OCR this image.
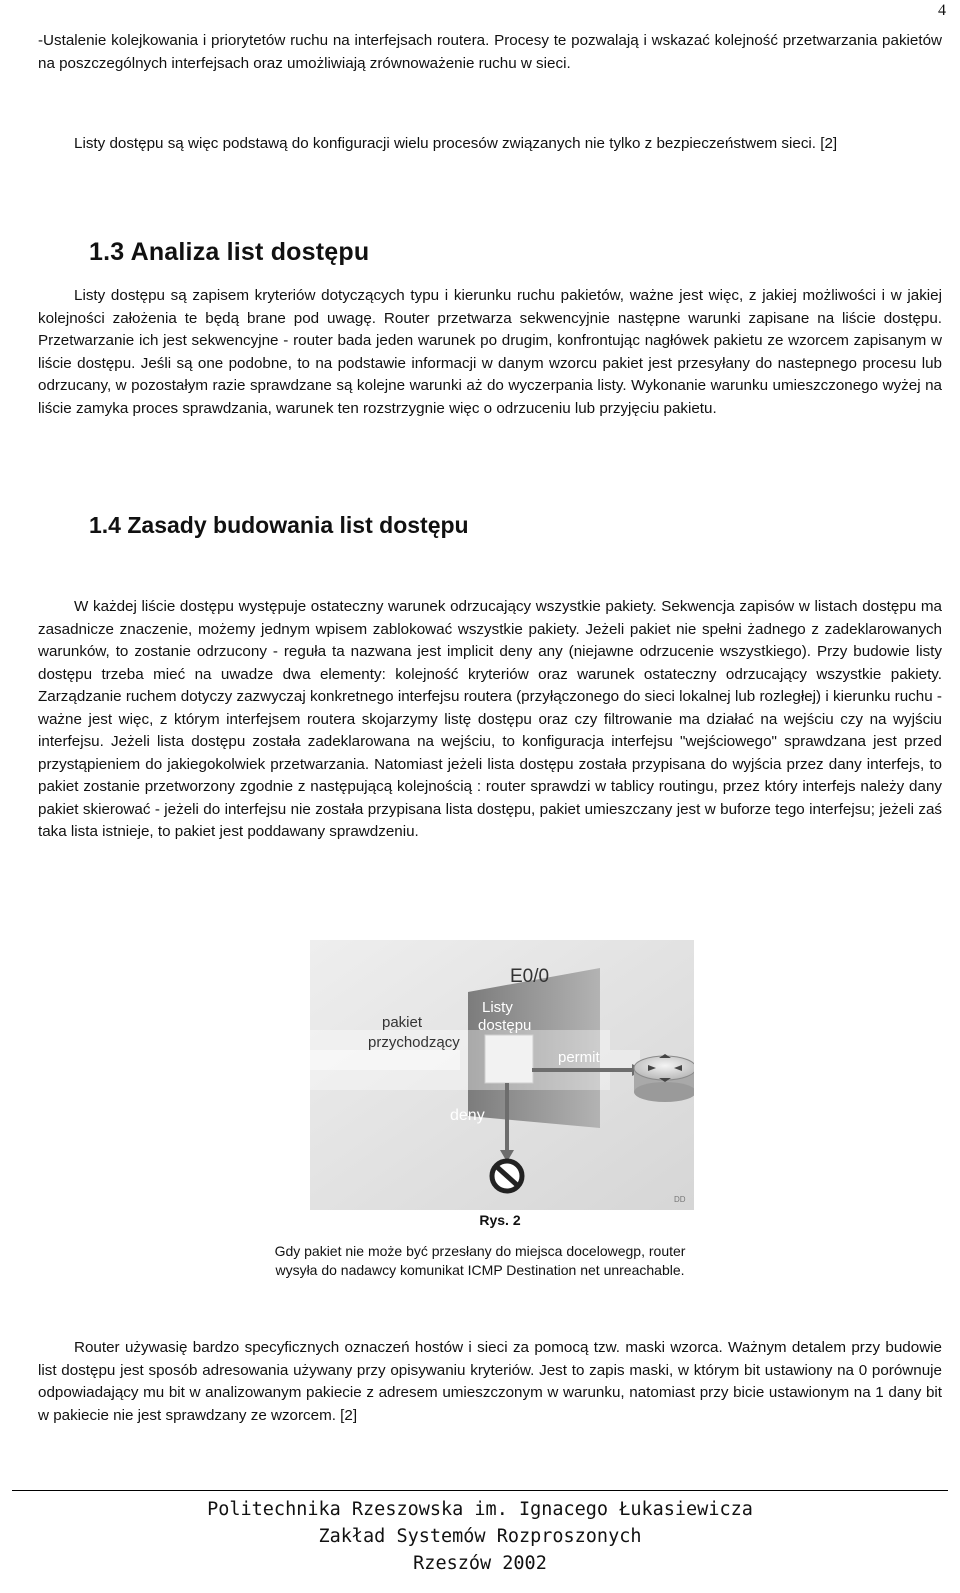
4
-Ustalenie kolejkowania i priorytetów ruchu na interfejsach routera. Procesy te pozwalają i wskazać kolejność przetwarzania pakietów na poszczególnych interfejsach oraz umożliwiają zrównoważenie ruchu w sieci.
Listy dostępu są więc podstawą do konfiguracji wielu procesów związanych nie tylko z bezpieczeństwem sieci. [2]
1.3 Analiza list dostępu
Listy dostępu są zapisem kryteriów dotyczących typu i kierunku ruchu pakietów, ważne jest więc, z jakiej możliwości i w jakiej kolejności założenia te będą brane pod uwagę. Router przetwarza sekwencyjnie następne warunki zapisane na liście dostępu. Przetwarzanie ich jest sekwencyjne - router bada jeden warunek po drugim, konfrontując nagłówek pakietu ze wzorcem zapisanym w liście dostępu. Jeśli są one podobne, to na podstawie informacji w danym wzorcu pakiet jest przesyłany do nastepnego procesu lub odrzucany, w pozostałym razie sprawdzane są kolejne warunki aż do wyczerpania listy. Wykonanie warunku umieszczonego wyżej na liście zamyka proces sprawdzania, warunek ten rozstrzygnie więc o odrzuceniu lub przyjęciu pakietu.
1.4 Zasady budowania list dostępu
W każdej liście dostępu występuje ostateczny warunek odrzucający wszystkie pakiety. Sekwencja zapisów w listach dostępu ma zasadnicze znaczenie, możemy jednym wpisem zablokować wszystkie pakiety. Jeżeli pakiet nie spełni żadnego z zadeklarowanych warunków, to zostanie odrzucony - reguła ta nazwana jest implicit deny any (niejawne odrzucenie wszystkiego). Przy budowie listy dostępu trzeba mieć na uwadze dwa elementy: kolejność kryteriów oraz warunek ostateczny odrzucający wszystkie pakiety. Zarządzanie ruchem dotyczy zazwyczaj konkretnego interfejsu routera (przyłączonego do sieci lokalnej lub rozległej) i kierunku ruchu - ważne jest więc, z którym interfejsem routera skojarzymy listę dostępu oraz czy filtrowanie ma działać na wejściu czy na wyjściu interfejsu. Jeżeli lista dostępu została zadeklarowana na wejściu, to konfiguracja interfejsu "wejściowego" sprawdzana jest przed przystąpieniem do jakiegokolwiek przetwarzania. Natomiast jeżeli lista dostępu została przypisana do wyjścia przez dany interfejs, to pakiet zostanie przetworzony zgodnie z następującą kolejnością : router sprawdzi w tablicy routingu, przez który interfejs należy dany pakiet skierować - jeżeli do interfejsu nie została przypisana lista dostępu, pakiet umieszczany jest w buforze tego interfejsu; jeżeli zaś taka lista istnieje, to pakiet jest poddawany sprawdzeniu.
E0/0
pakiet
przychodzący
Listy
dostępu
permit
deny
DD
Rys. 2
Gdy pakiet nie może być przesłany do miejsca docelowegp, router
wysyła do nadawcy komunikat ICMP Destination net unreachable.
Router używasię bardzo specyficznych oznaczeń hostów i sieci za pomocą tzw. maski wzorca. Ważnym detalem przy budowie list dostępu jest sposób adresowania używany przy opisywaniu kryteriów. Jest to zapis maski, w którym bit ustawiony na 0 porównuje odpowiadający mu bit w analizowanym pakiecie z adresem umieszczonym w warunku, natomiast przy bicie ustawionym na 1 dany bit w pakiecie nie jest sprawdzany ze wzorcem. [2]
Politechnika Rzeszowska im. Ignacego Łukasiewicza
Zakład Systemów Rozproszonych
Rzeszów 2002
